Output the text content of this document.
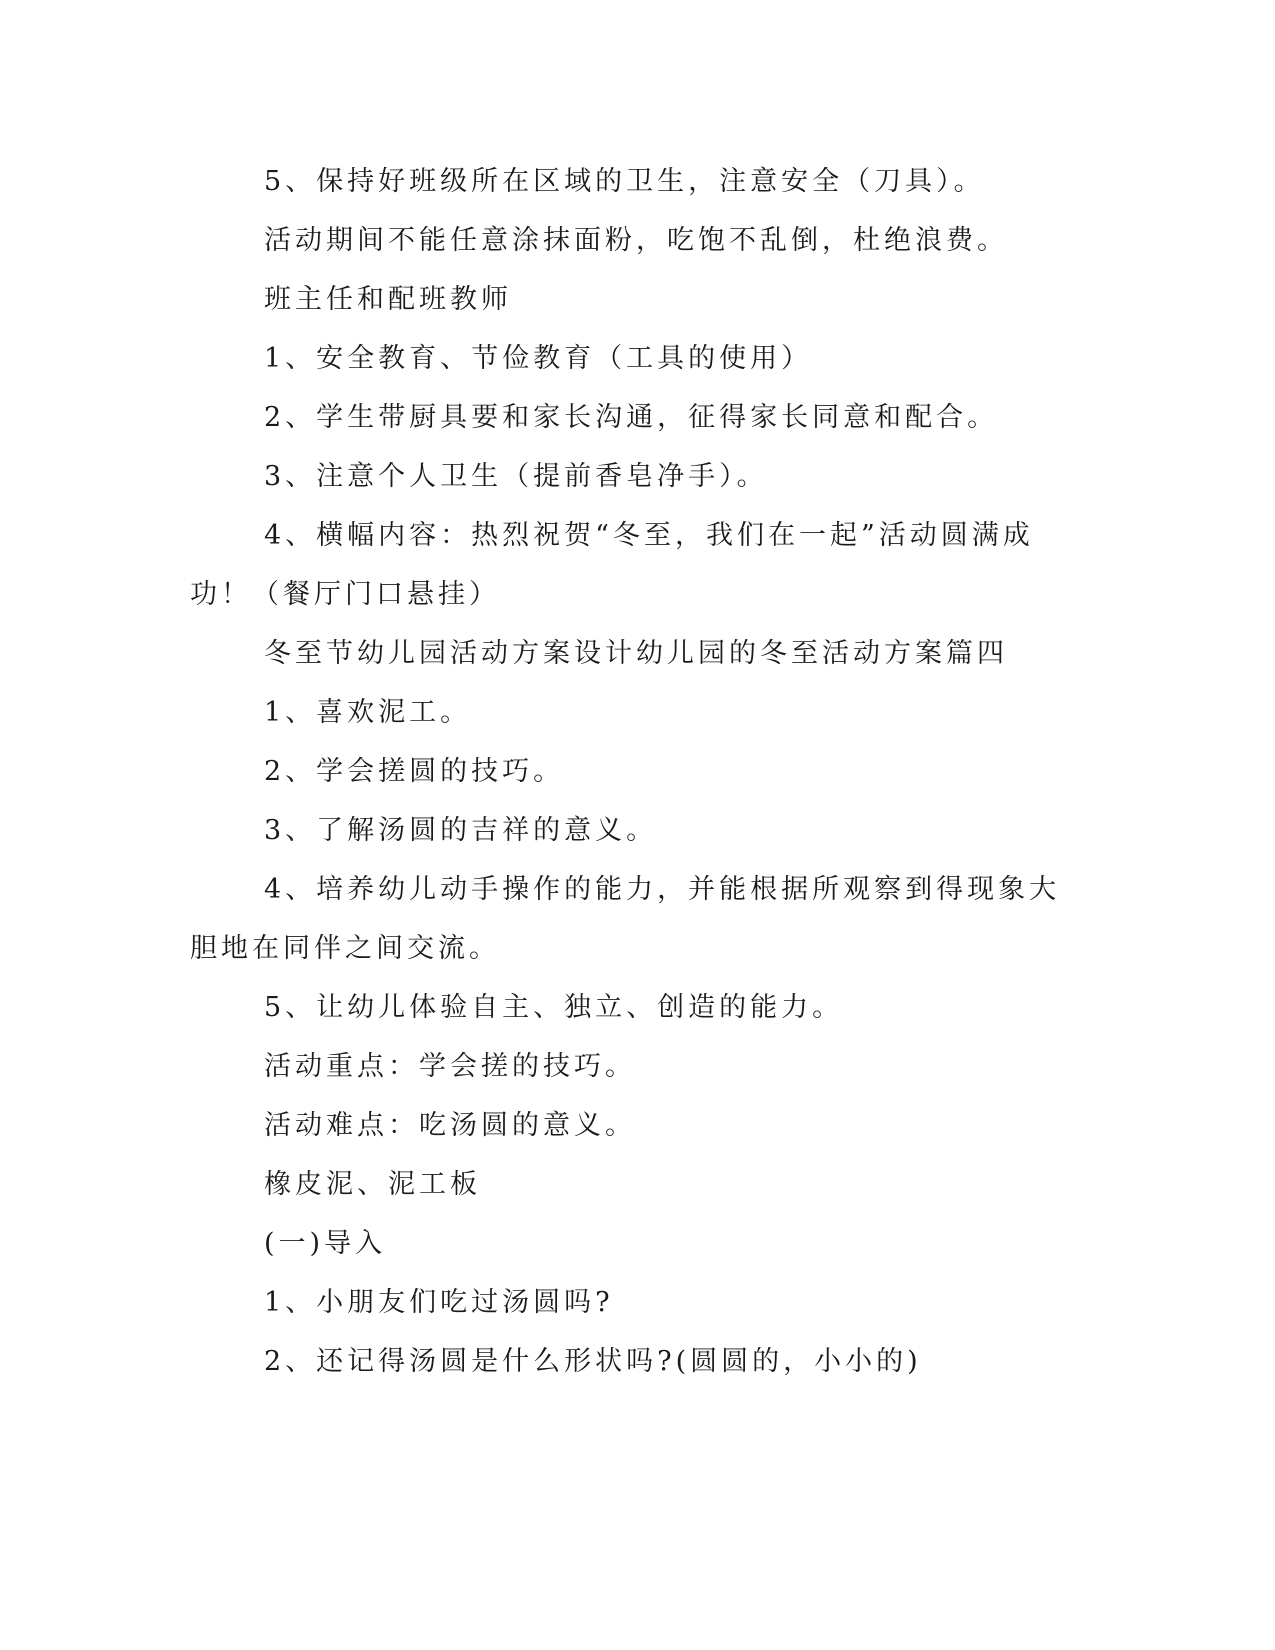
5、保持好班级所在区域的卫生，注意安全（刀具）。

活动期间不能任意涂抹面粉，吃饱不乱倒，杜绝浪费。

班主任和配班教师

1、安全教育、节俭教育（工具的使用）

2、学生带厨具要和家长沟通，征得家长同意和配合。

3、注意个人卫生（提前香皂净手）。

4、横幅内容：热烈祝贺“冬至，我们在一起”活动圆满成功！（餐厅门口悬挂）

冬至节幼儿园活动方案设计幼儿园的冬至活动方案篇四

1、喜欢泥工。

2、学会搓圆的技巧。

3、了解汤圆的吉祥的意义。

4、培养幼儿动手操作的能力，并能根据所观察到得现象大胆地在同伴之间交流。

5、让幼儿体验自主、独立、创造的能力。

活动重点：学会搓的技巧。

活动难点：吃汤圆的意义。

橡皮泥、泥工板

(一)导入

1、小朋友们吃过汤圆吗?

2、还记得汤圆是什么形状吗?(圆圆的，小小的)
